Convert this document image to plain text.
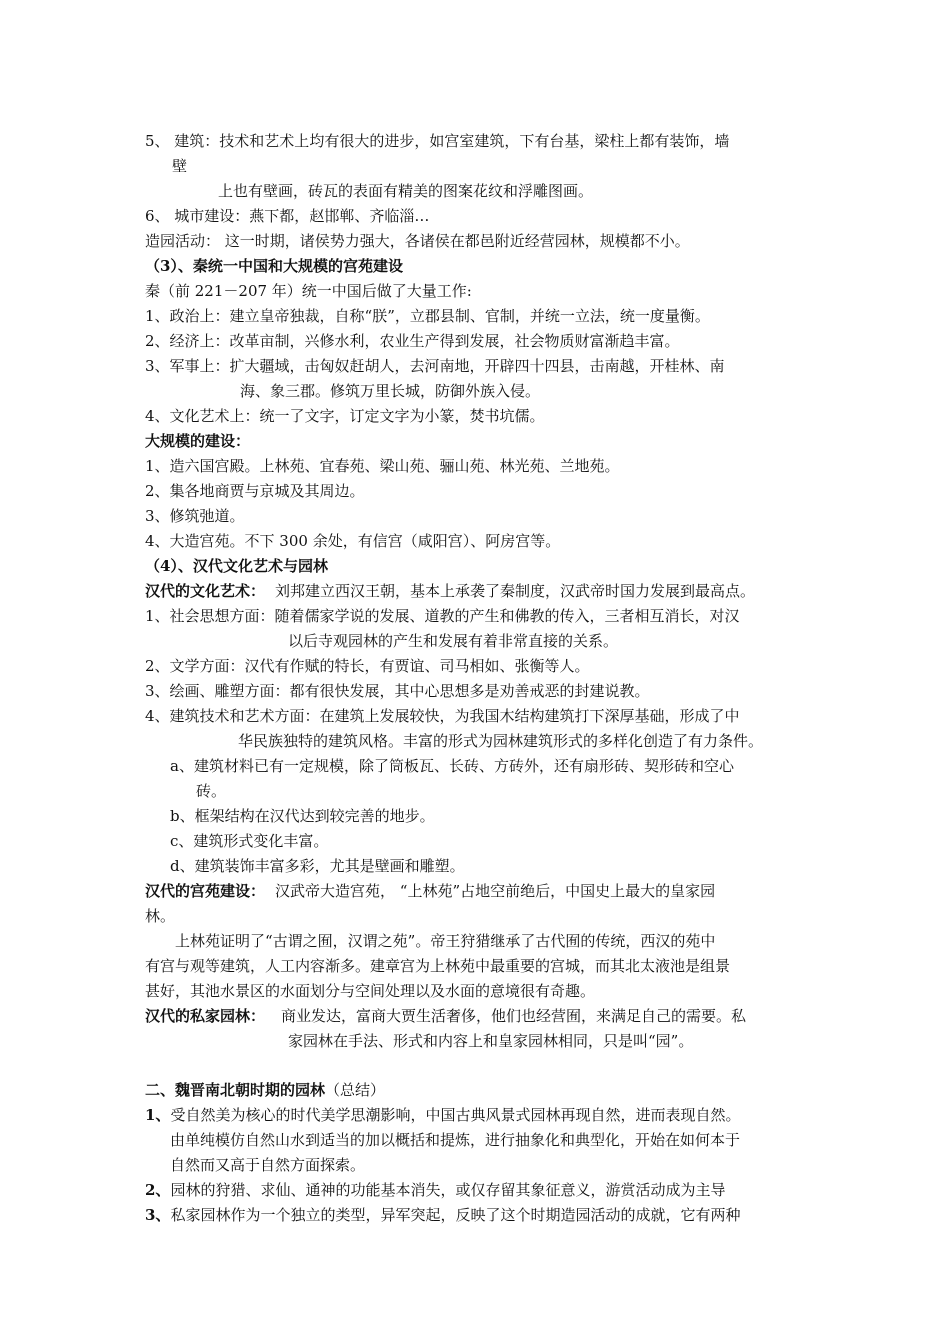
5、 建筑：技术和艺术上均有很大的进步，如宫室建筑，下有台基，梁柱上都有装饰，墙
壁
上也有壁画，砖瓦的表面有精美的图案花纹和浮雕图画。
6、 城市建设：燕下都，赵邯郸、齐临淄…
造园活动： 这一时期，诸侯势力强大，各诸侯在都邑附近经营园林，规模都不小。
（3）、秦统一中国和大规模的宫苑建设
秦（前 221－207 年）统一中国后做了大量工作:
1、政治上：建立皇帝独裁，自称“朕”，立郡县制、官制，并统一立法，统一度量衡。
2、经济上：改革亩制，兴修水利，农业生产得到发展，社会物质财富渐趋丰富。
3、军事上：扩大疆域，击匈奴赶胡人，去河南地，开辟四十四县，击南越，开桂林、南
海、象三郡。修筑万里长城，防御外族入侵。
4、文化艺术上：统一了文字，订定文字为小篆，焚书坑儒。
大规模的建设：
1、造六国宫殿。上林苑、宜春苑、梁山苑、骊山苑、林光苑、兰地苑。
2、集各地商贾与京城及其周边。
3、修筑弛道。
4、大造宫苑。不下 300 余处，有信宫（咸阳宫）、阿房宫等。
（4）、汉代文化艺术与园林
汉代的文化艺术： 刘邦建立西汉王朝，基本上承袭了秦制度，汉武帝时国力发展到最高点。
1、社会思想方面：随着儒家学说的发展、道教的产生和佛教的传入，三者相互消长，对汉
以后寺观园林的产生和发展有着非常直接的关系。
2、文学方面：汉代有作赋的特长，有贾谊、司马相如、张衡等人。
3、绘画、雕塑方面：都有很快发展，其中心思想多是劝善戒恶的封建说教。
4、建筑技术和艺术方面：在建筑上发展较快，为我国木结构建筑打下深厚基础，形成了中
华民族独特的建筑风格。丰富的形式为园林建筑形式的多样化创造了有力条件。
a、建筑材料已有一定规模，除了筒板瓦、长砖、方砖外，还有扇形砖、契形砖和空心
砖。
b、框架结构在汉代达到较完善的地步。
c、建筑形式变化丰富。
d、建筑装饰丰富多彩，尤其是壁画和雕塑。
汉代的宫苑建设： 汉武帝大造宫苑， “上林苑”占地空前绝后，中国史上最大的皇家园
林。
上林苑证明了“古谓之囿，汉谓之苑”。帝王狩猎继承了古代囿的传统，西汉的苑中
有宫与观等建筑，人工内容渐多。建章宫为上林苑中最重要的宫城，而其北太液池是组景
甚好，其池水景区的水面划分与空间处理以及水面的意境很有奇趣。
汉代的私家园林： 商业发达，富商大贾生活奢侈，他们也经营囿，来满足自己的需要。私
家园林在手法、形式和内容上和皇家园林相同，只是叫“园”。
二、魏晋南北朝时期的园林（总结）
1、受自然美为核心的时代美学思潮影响，中国古典风景式园林再现自然，进而表现自然。
由单纯模仿自然山水到适当的加以概括和提炼，进行抽象化和典型化，开始在如何本于
自然而又高于自然方面探索。
2、园林的狩猎、求仙、通神的功能基本消失，或仅存留其象征意义，游赏活动成为主导
3、私家园林作为一个独立的类型，异军突起，反映了这个时期造园活动的成就，它有两种
